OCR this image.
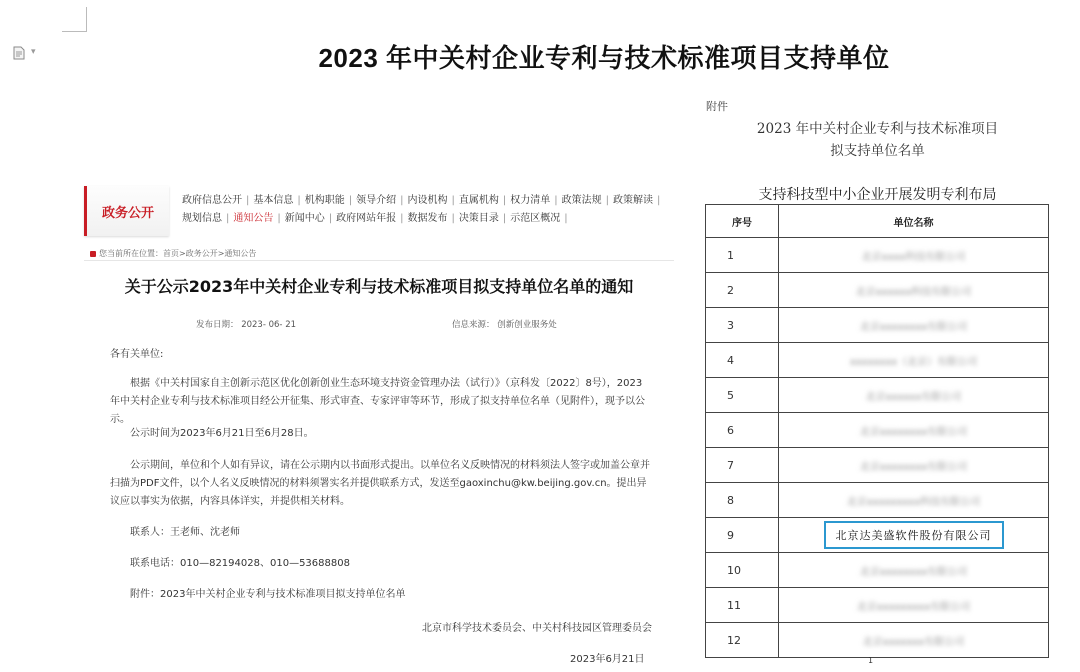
▾	2023 年中关村企业专利与技术标准项目支持单位
政务公开
政府信息公开 | 基本信息 | 机构职能 | 领导介绍 | 内设机构 | 直属机构 | 权力清单 | 政策法规 | 政策解读 |
规划信息 | 通知公告 | 新闻中心 | 政府网站年报 | 数据发布 | 决策目录 | 示范区概况 |
您当前所在位置：首页>政务公开>通知公告
关于公示2023年中关村企业专利与技术标准项目拟支持单位名单的通知
发布日期： 2023- 06- 21	信息来源： 创新创业服务处
各有关单位:
根据《中关村国家自主创新示范区优化创新创业生态环境支持资金管理办法（试行）》（京科发〔2022〕8号），2023年中关村企业专利与技术标准项目经公开征集、形式审查、专家评审等环节，形成了拟支持单位名单（见附件），现予以公示。
公示时间为2023年6月21日至6月28日。
公示期间，单位和个人如有异议，请在公示期内以书面形式提出。以单位名义反映情况的材料须法人签字或加盖公章并扫描为PDF文件，以个人名义反映情况的材料须署实名并提供联系方式，发送至gaoxinchu@kw.beijing.gov.cn。提出异议应以事实为依据，内容具体详实，并提供相关材料。
联系人：王老师、沈老师
联系电话：010—82194028、010—53688808
附件：2023年中关村企业专利与技术标准项目拟支持单位名单
北京市科学技术委员会、中关村科技园区管理委员会
2023年6月21日
附件
2023 年中关村企业专利与技术标准项目
拟支持单位名单
支持科技型中小企业开展发明专利布局
序号	单位名称
1	北京xxxx科技有限公司
2	北京xxxxxx科技有限公司
3	北京xxxxxxxx有限公司
4	xxxxxxxx（北京）有限公司
5	北京xxxxxx有限公司
6	北京xxxxxxxx有限公司
7	北京xxxxxxxx有限公司
8	北京xxxxxxxxx科技有限公司
9	北京达美盛软件股份有限公司
10	北京xxxxxxxx有限公司
11	北京xxxxxxxxx有限公司
12	北京xxxxxxx有限公司
1
